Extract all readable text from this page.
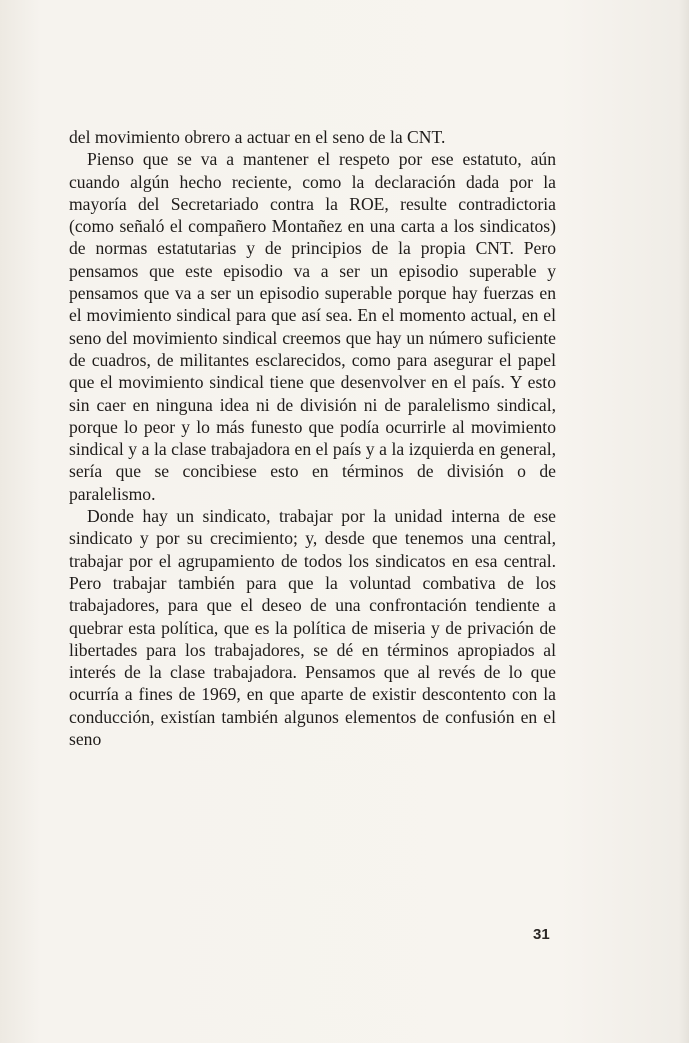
del movimiento obrero a actuar en el seno de la CNT.

Pienso que se va a mantener el respeto por ese estatuto, aún cuando algún hecho reciente, como la declaración dada por la mayoría del Secretariado contra la ROE, resulte contradictoria (como señaló el compañero Montañez en una carta a los sindicatos) de normas estatutarias y de principios de la propia CNT. Pero pensamos que este episodio va a ser un episodio superable y pensamos que va a ser un episodio superable porque hay fuerzas en el movimiento sindical para que así sea. En el momento actual, en el seno del movimiento sindical creemos que hay un número suficiente de cuadros, de militantes esclarecidos, como para asegurar el papel que el movimiento sindical tiene que desenvolver en el país. Y esto sin caer en ninguna idea ni de división ni de paralelismo sindical, porque lo peor y lo más funesto que podía ocurrirle al movimiento sindical y a la clase trabajadora en el país y a la izquierda en general, sería que se concibiese esto en términos de división o de paralelismo.

Donde hay un sindicato, trabajar por la unidad interna de ese sindicato y por su crecimiento; y, desde que tenemos una central, trabajar por el agrupamiento de todos los sindicatos en esa central. Pero trabajar también para que la voluntad combativa de los trabajadores, para que el deseo de una confrontación tendiente a quebrar esta política, que es la política de miseria y de privación de libertades para los trabajadores, se dé en términos apropiados al interés de la clase trabajadora. Pensamos que al revés de lo que ocurría a fines de 1969, en que aparte de existir descontento con la conducción, existían también algunos elementos de confusión en el seno

31
